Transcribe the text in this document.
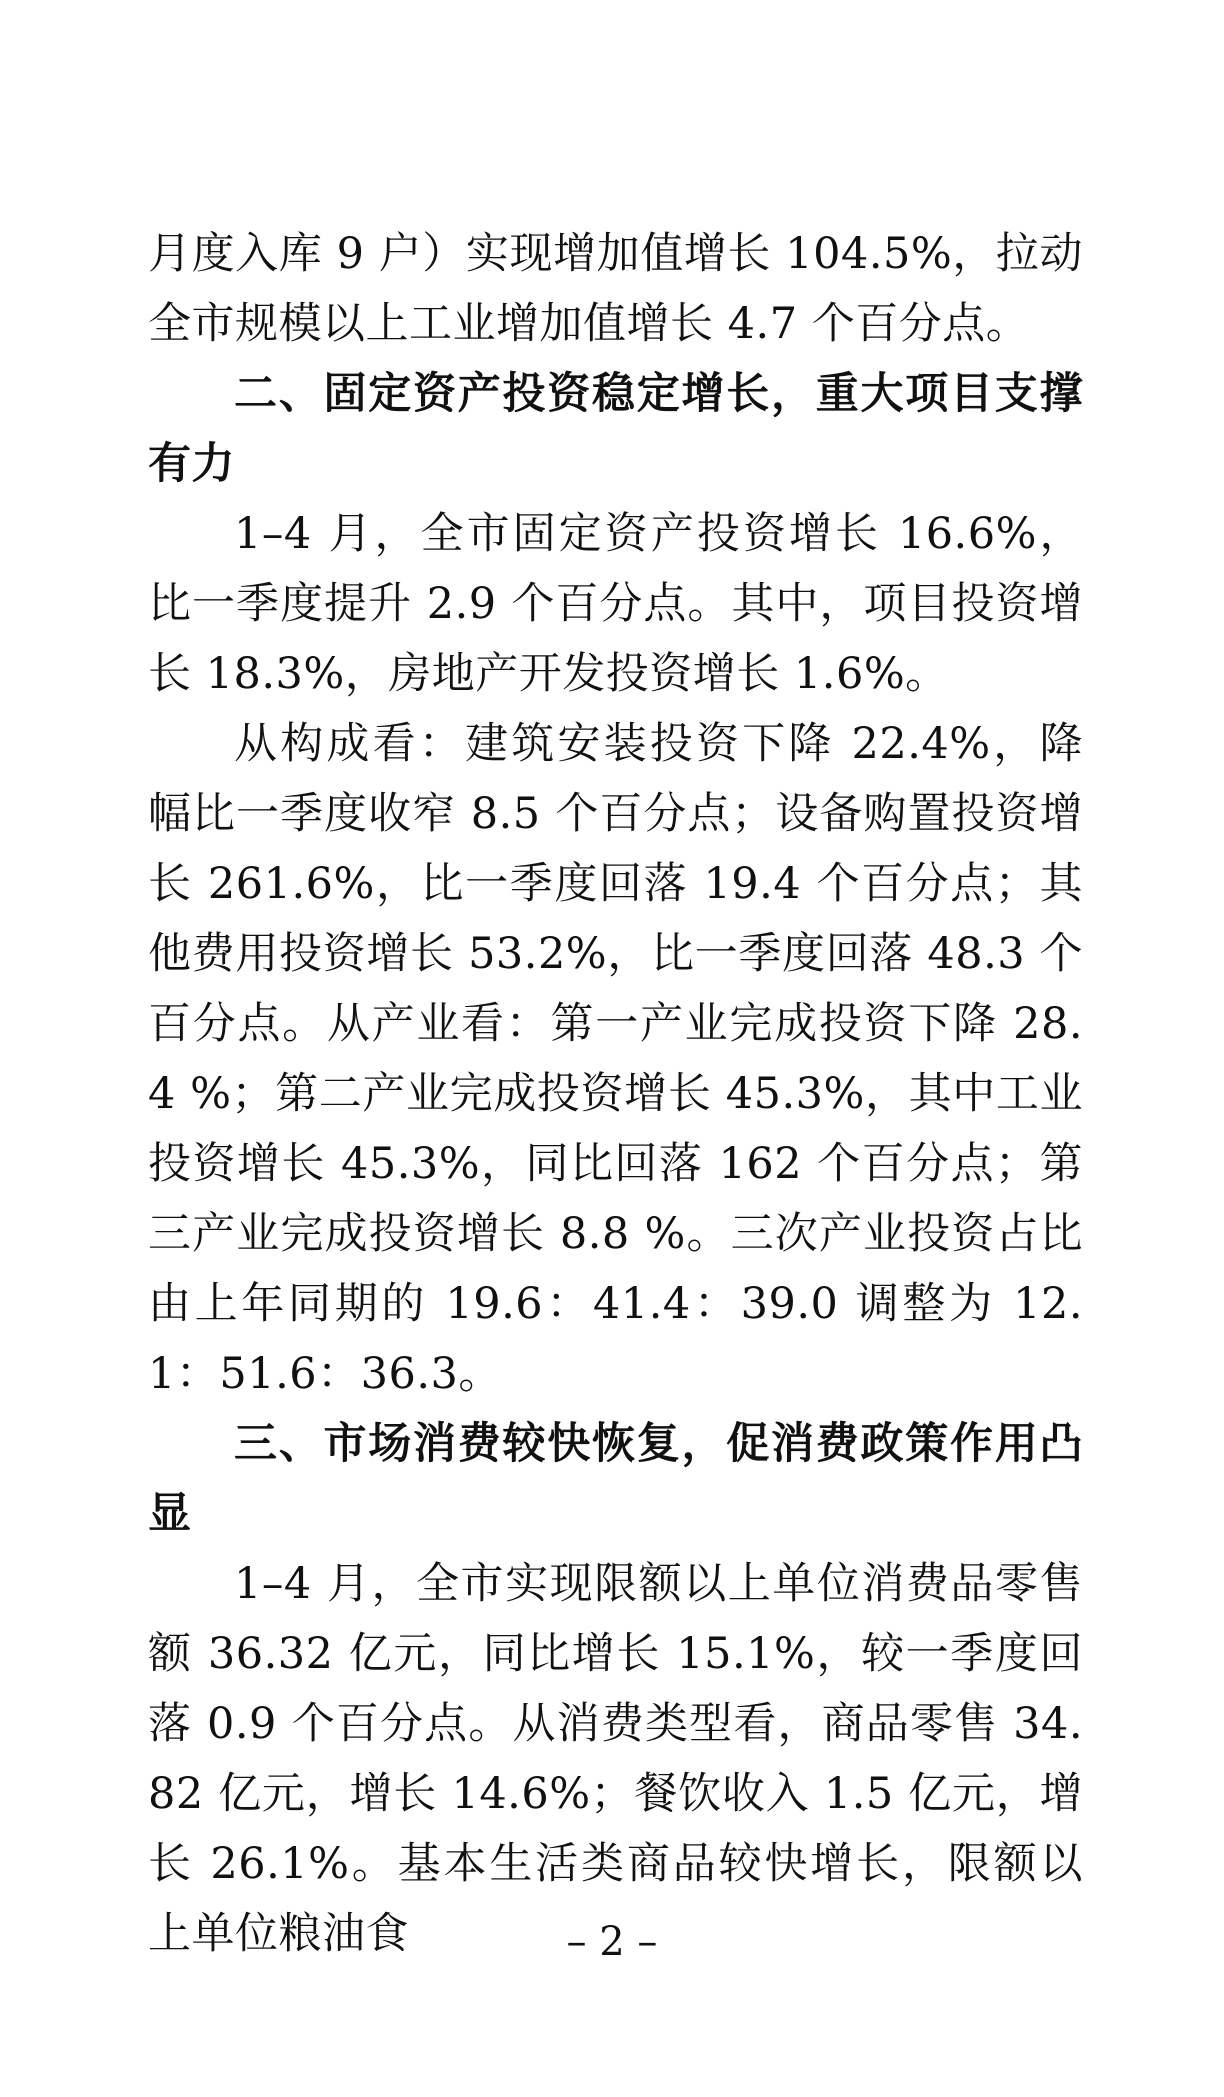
月度入库 9 户）实现增加值增长 104.5%，拉动全市规模以上工业增加值增长 4.7 个百分点。
二、固定资产投资稳定增长，重大项目支撑有力
1–4 月，全市固定资产投资增长 16.6%，比一季度提升 2.9 个百分点。其中，项目投资增长 18.3%，房地产开发投资增长 1.6%。
从构成看：建筑安装投资下降 22.4%，降幅比一季度收窄 8.5 个百分点；设备购置投资增长 261.6%，比一季度回落 19.4 个百分点；其他费用投资增长 53.2%，比一季度回落 48.3 个百分点。从产业看：第一产业完成投资下降 28.4 %；第二产业完成投资增长 45.3%，其中工业投资增长 45.3%，同比回落 162 个百分点；第三产业完成投资增长 8.8 %。三次产业投资占比由上年同期的 19.6：41.4：39.0 调整为 12.1：51.6：36.3。
三、市场消费较快恢复，促消费政策作用凸显
1–4 月，全市实现限额以上单位消费品零售额 36.32 亿元，同比增长 15.1%，较一季度回落 0.9 个百分点。从消费类型看，商品零售 34.82 亿元，增长 14.6%；餐饮收入 1.5 亿元，增长 26.1%。基本生活类商品较快增长，限额以上单位粮油食	– 2 –
